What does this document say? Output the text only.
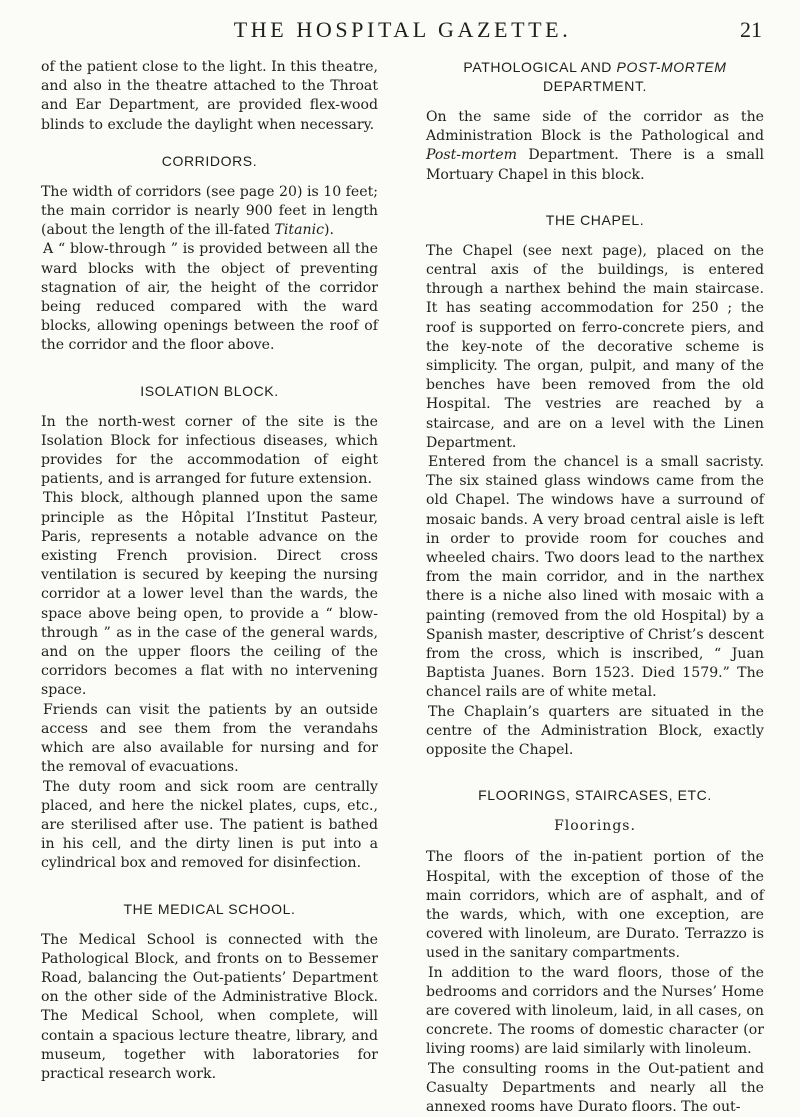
THE HOSPITAL GAZETTE.	21

of the patient close to the light. In this theatre, and also in the theatre attached to the Throat and Ear Department, are provided flex-wood blinds to exclude the daylight when necessary.

CORRIDORS.

The width of corridors (see page 20) is 10 feet; the main corridor is nearly 900 feet in length (about the length of the ill-fated Titanic).

A “ blow-through ” is provided between all the ward blocks with the object of preventing stagnation of air, the height of the corridor being reduced compared with the ward blocks, allowing openings between the roof of the corridor and the floor above.

ISOLATION BLOCK.

In the north-west corner of the site is the Isolation Block for infectious diseases, which provides for the accommodation of eight patients, and is arranged for future extension.

This block, although planned upon the same principle as the Hôpital l’Institut Pasteur, Paris, represents a notable advance on the existing French provision. Direct cross ventilation is secured by keeping the nursing corridor at a lower level than the wards, the space above being open, to provide a “ blow-through ” as in the case of the general wards, and on the upper floors the ceiling of the corridors becomes a flat with no intervening space.

Friends can visit the patients by an outside access and see them from the verandahs which are also available for nursing and for the removal of evacuations.

The duty room and sick room are centrally placed, and here the nickel plates, cups, etc., are sterilised after use. The patient is bathed in his cell, and the dirty linen is put into a cylindrical box and removed for disinfection.

THE MEDICAL SCHOOL.

The Medical School is connected with the Pathological Block, and fronts on to Bessemer Road, balancing the Out-patients’ Department on the other side of the Administrative Block. The Medical School, when complete, will contain a spacious lecture theatre, library, and museum, together with laboratories for practical research work.

PATHOLOGICAL AND POST-MORTEM
DEPARTMENT.

On the same side of the corridor as the Administration Block is the Pathological and Post-mortem Department. There is a small Mortuary Chapel in this block.

THE CHAPEL.

The Chapel (see next page), placed on the central axis of the buildings, is entered through a narthex behind the main staircase. It has seating accommodation for 250 ; the roof is supported on ferro-concrete piers, and the key-note of the decorative scheme is simplicity. The organ, pulpit, and many of the benches have been removed from the old Hospital. The vestries are reached by a staircase, and are on a level with the Linen Department.

Entered from the chancel is a small sacristy. The six stained glass windows came from the old Chapel. The windows have a surround of mosaic bands. A very broad central aisle is left in order to provide room for couches and wheeled chairs. Two doors lead to the narthex from the main corridor, and in the narthex there is a niche also lined with mosaic with a painting (removed from the old Hospital) by a Spanish master, descriptive of Christ’s descent from the cross, which is inscribed, “ Juan Baptista Juanes. Born 1523. Died 1579.” The chancel rails are of white metal.

The Chaplain’s quarters are situated in the centre of the Administration Block, exactly opposite the Chapel.

FLOORINGS, STAIRCASES, ETC.
Floorings.

The floors of the in-patient portion of the Hospital, with the exception of those of the main corridors, which are of asphalt, and of the wards, which, with one exception, are covered with linoleum, are Durato. Terrazzo is used in the sanitary compartments.

In addition to the ward floors, those of the bedrooms and corridors and the Nurses’ Home are covered with linoleum, laid, in all cases, on concrete. The rooms of domestic character (or living rooms) are laid similarly with linoleum.

The consulting rooms in the Out-patient and Casualty Departments and nearly all the annexed rooms have Durato floors. The out-
